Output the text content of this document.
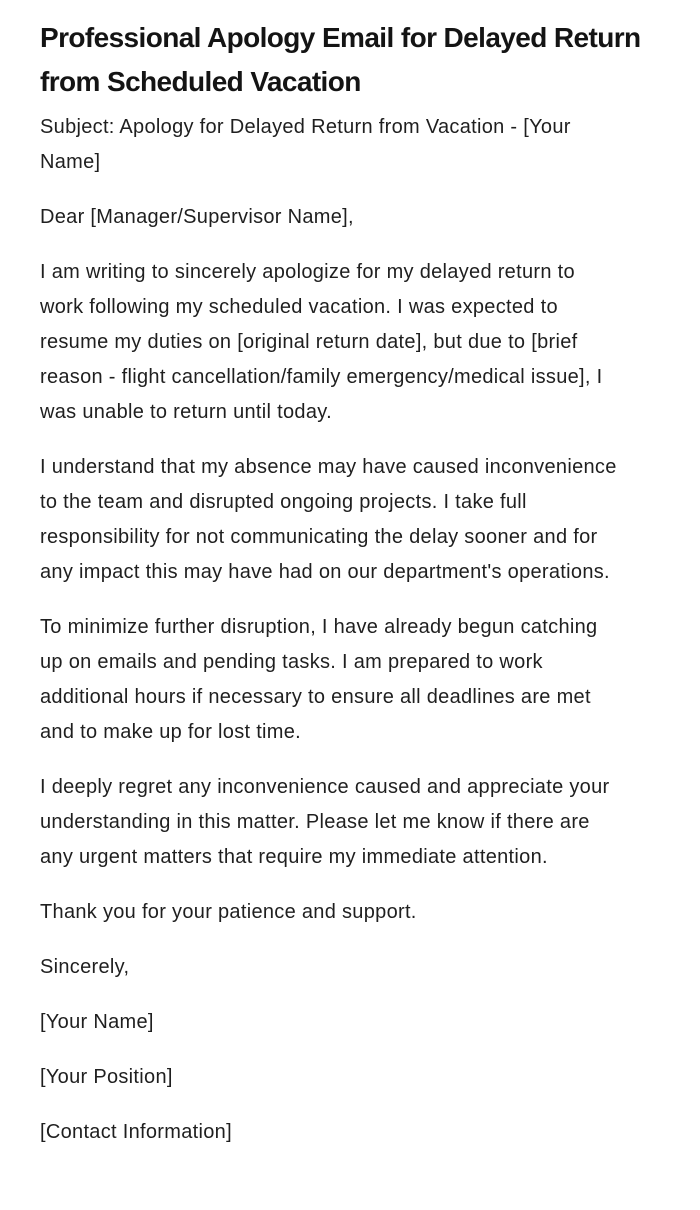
Professional Apology Email for Delayed Return from Scheduled Vacation

Subject: Apology for Delayed Return from Vacation - [Your Name]

Dear [Manager/Supervisor Name],

I am writing to sincerely apologize for my delayed return to work following my scheduled vacation. I was expected to resume my duties on [original return date], but due to [brief reason - flight cancellation/family emergency/medical issue], I was unable to return until today.

I understand that my absence may have caused inconvenience to the team and disrupted ongoing projects. I take full responsibility for not communicating the delay sooner and for any impact this may have had on our department's operations.

To minimize further disruption, I have already begun catching up on emails and pending tasks. I am prepared to work additional hours if necessary to ensure all deadlines are met and to make up for lost time.

I deeply regret any inconvenience caused and appreciate your understanding in this matter. Please let me know if there are any urgent matters that require my immediate attention.

Thank you for your patience and support.

Sincerely,

[Your Name]

[Your Position]

[Contact Information]
